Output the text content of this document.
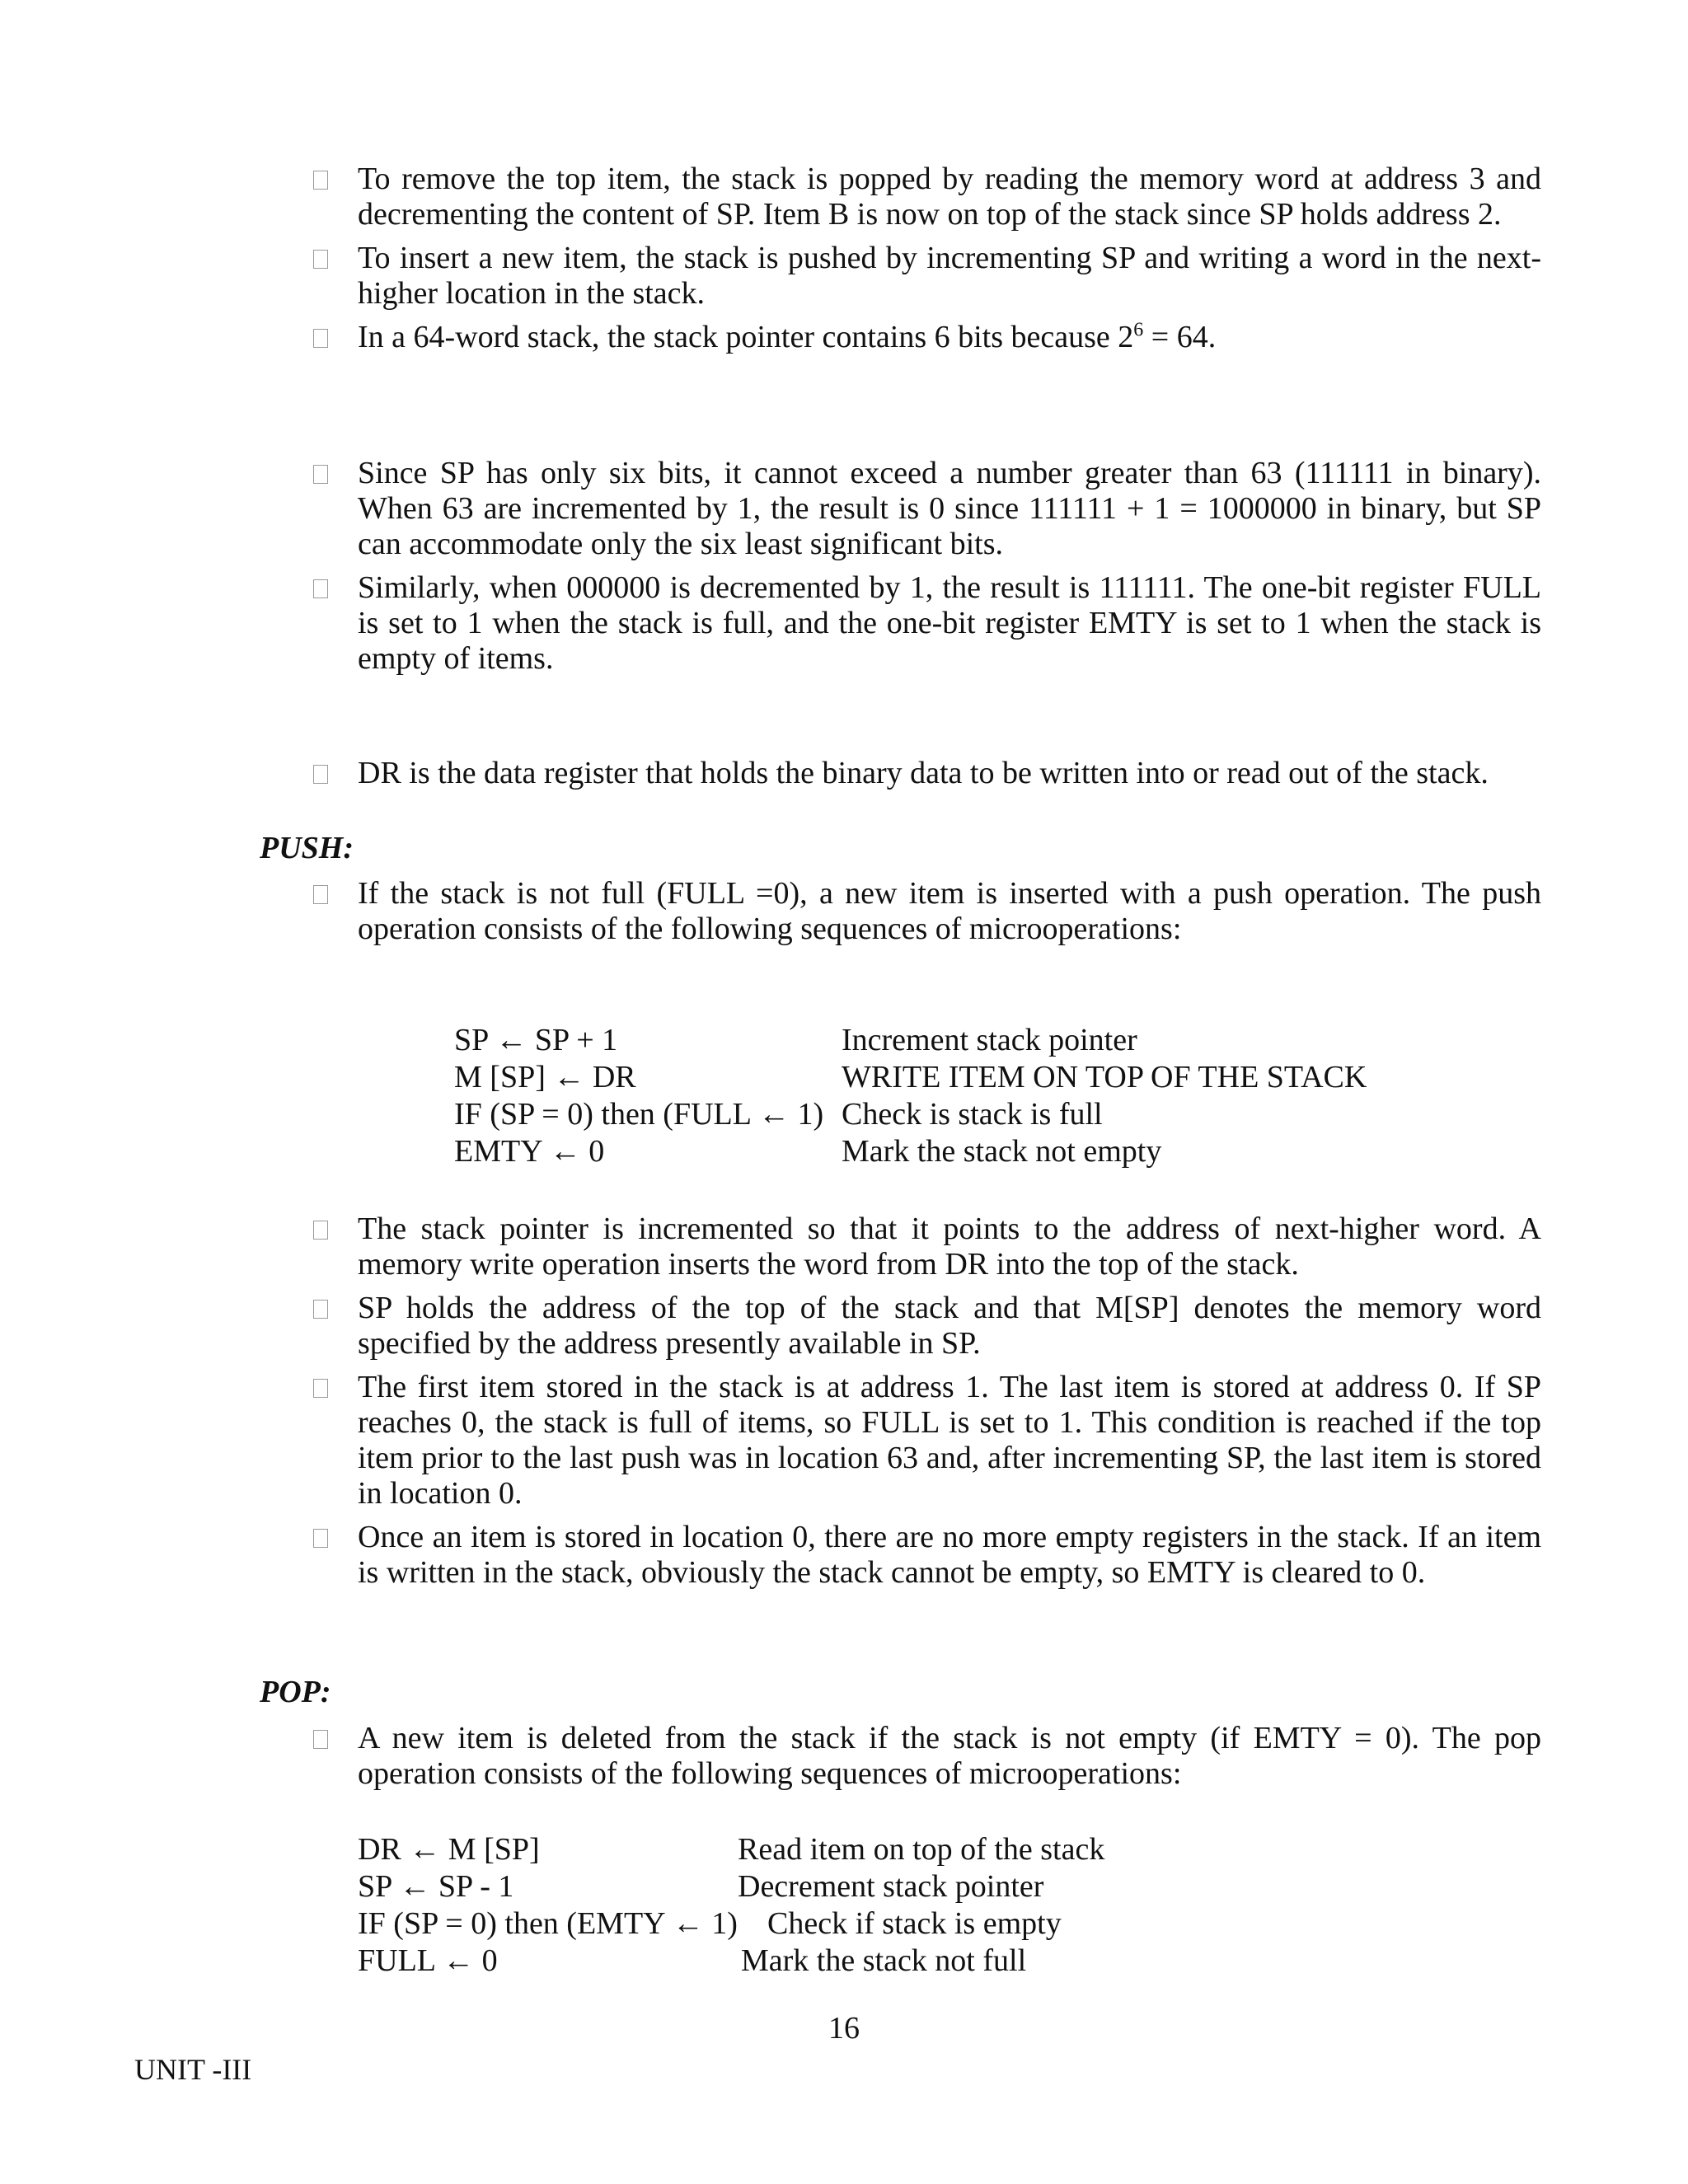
To remove the top item, the stack is popped by reading the memory word at address 3 and decrementing the content of SP. Item B is now on top of the stack since SP holds address 2.
To insert a new item, the stack is pushed by incrementing SP and writing a word in the next-higher location in the stack.
In a 64-word stack, the stack pointer contains 6 bits because $2^6 = 64$.
Since SP has only six bits, it cannot exceed a number greater than 63 (111111 in binary). When 63 are incremented by 1, the result is 0 since 111111 + 1 = 1000000 in binary, but SP can accommodate only the six least significant bits.
Similarly, when 000000 is decremented by 1, the result is 111111. The one-bit register FULL is set to 1 when the stack is full, and the one-bit register EMTY is set to 1 when the stack is empty of items.
DR is the data register that holds the binary data to be written into or read out of the stack.
PUSH:
If the stack is not full (FULL =0), a new item is inserted with a push operation. The push operation consists of the following sequences of microoperations:
SP ← SP + 1	Increment stack pointer
M [SP] ← DR	WRITE ITEM ON TOP OF THE STACK
IF (SP = 0) then (FULL ← 1) Check is stack is full
EMTY ← 0	Mark the stack not empty
The stack pointer is incremented so that it points to the address of next-higher word. A memory write operation inserts the word from DR into the top of the stack.
SP holds the address of the top of the stack and that M[SP] denotes the memory word specified by the address presently available in SP.
The first item stored in the stack is at address 1. The last item is stored at address 0. If SP reaches 0, the stack is full of items, so FULL is set to 1. This condition is reached if the top item prior to the last push was in location 63 and, after incrementing SP, the last item is stored in location 0.
Once an item is stored in location 0, there are no more empty registers in the stack. If an item is written in the stack, obviously the stack cannot be empty, so EMTY is cleared to 0.
POP:
A new item is deleted from the stack if the stack is not empty (if EMTY = 0). The pop operation consists of the following sequences of microoperations:
DR ← M [SP]	Read item on top of the stack
SP ← SP - 1	Decrement stack pointer
IF (SP = 0) then (EMTY ← 1) Check if stack is empty
FULL ← 0	Mark the stack not full
16
UNIT -III
